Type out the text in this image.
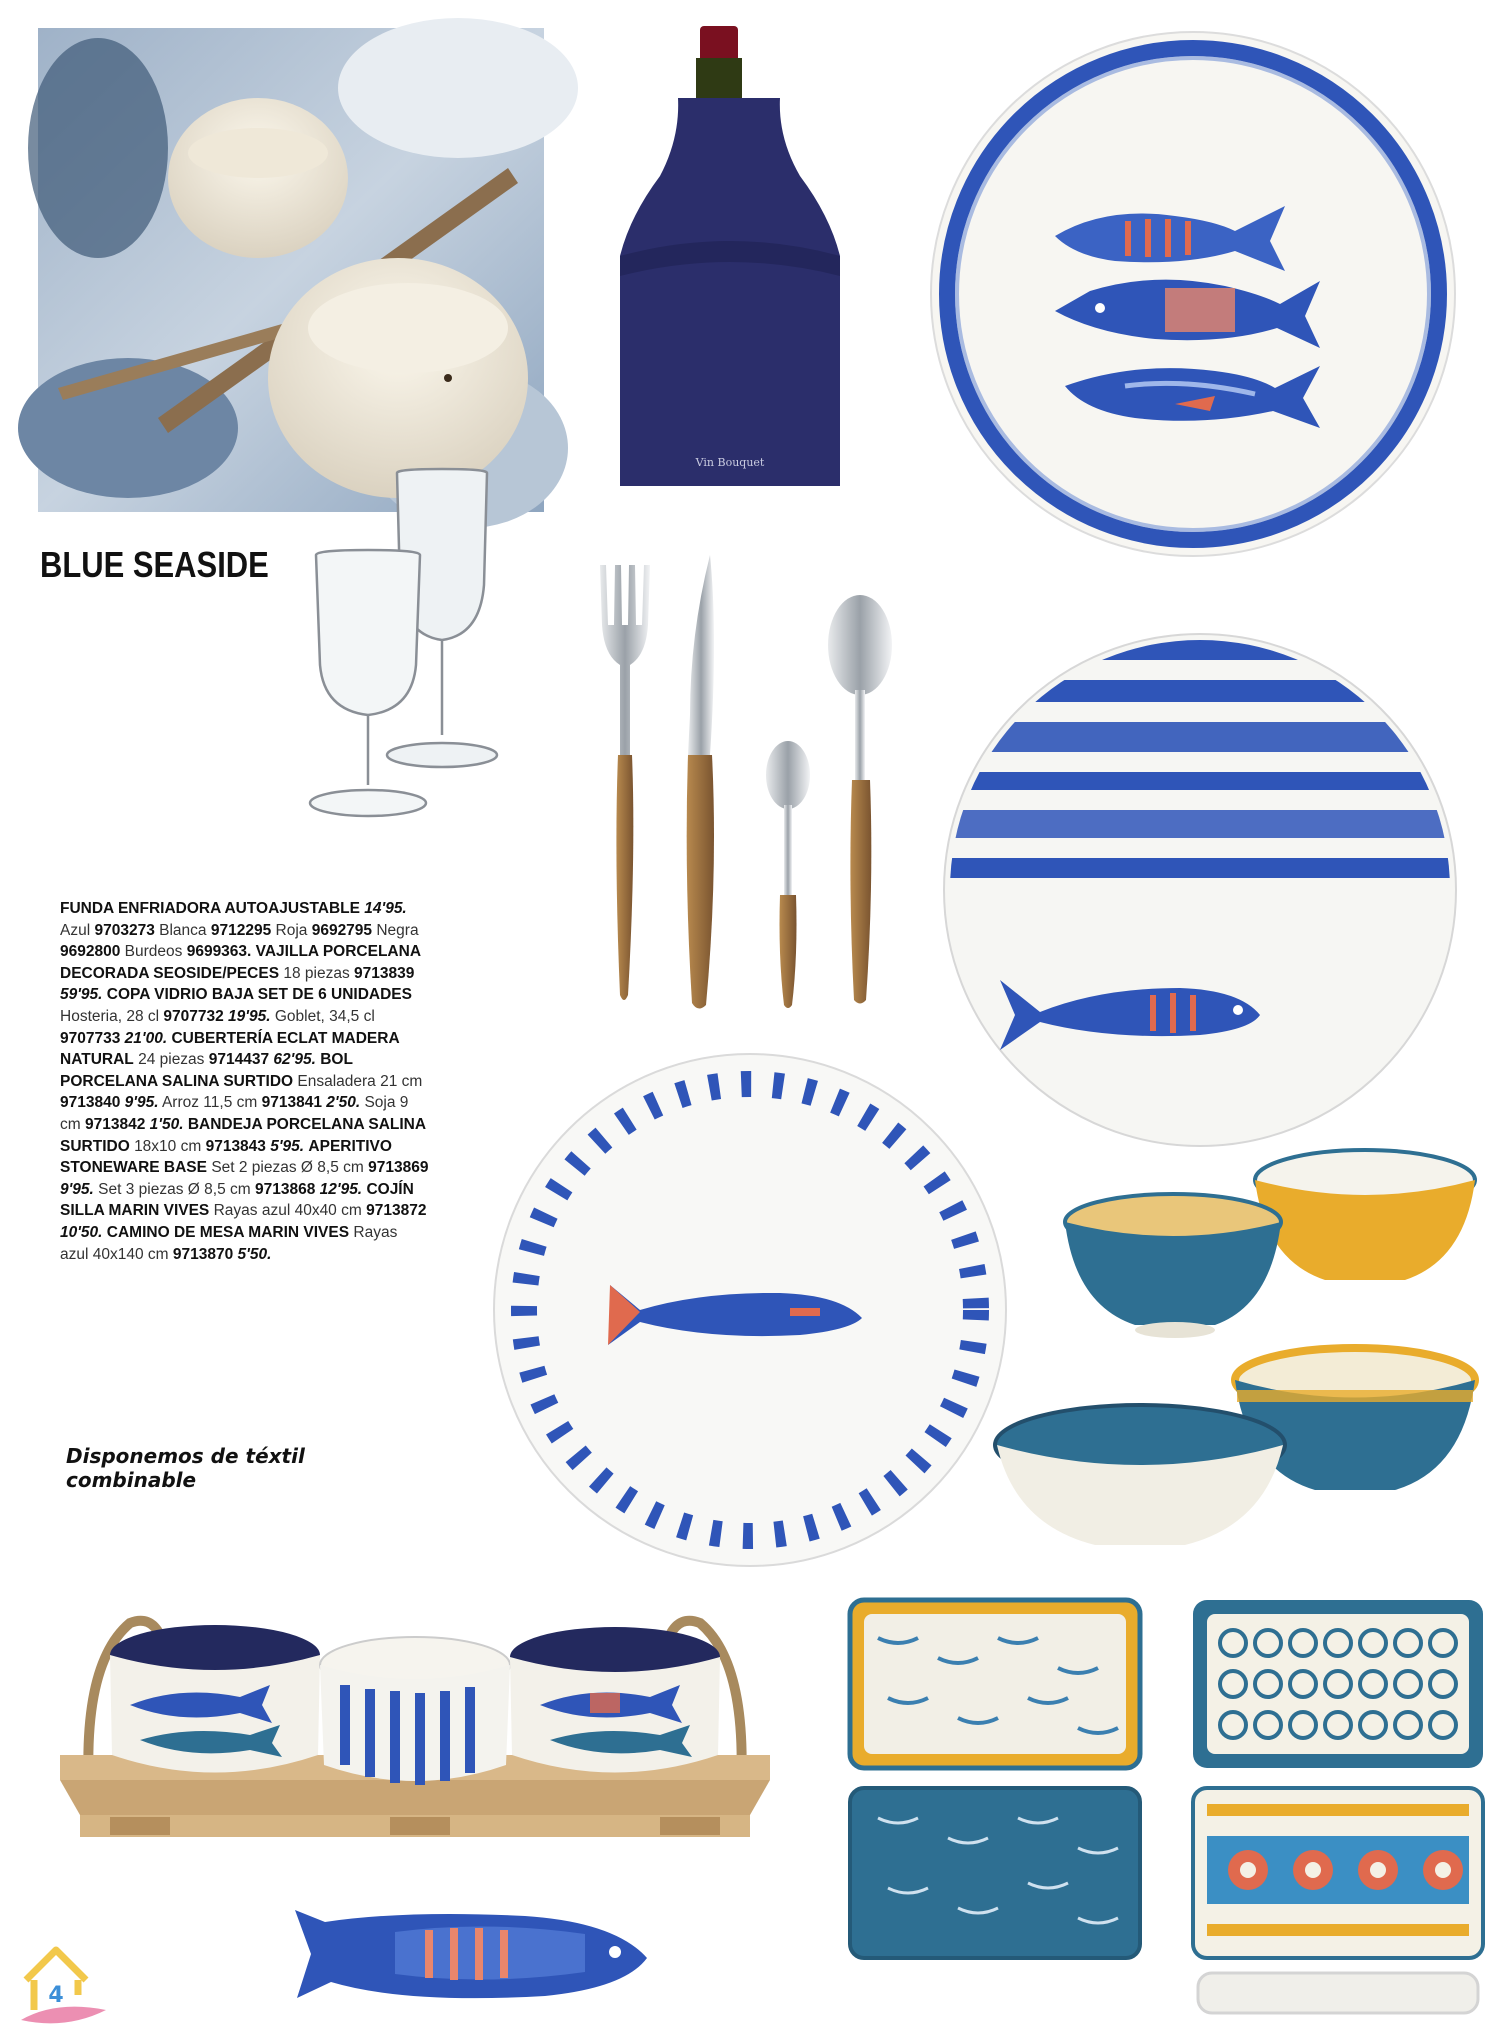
Vin Bouquet
BLUE SEASIDE
FUNDA ENFRIADORA AUTOAJUSTABLE 14'95. Azul 9703273 Blanca 9712295 Roja 9692795 Negra 9692800 Burdeos 9699363. VAJILLA PORCELANA DECORADA SEOSIDE/PECES 18 piezas 9713839 59'95. COPA VIDRIO BAJA SET DE 6 UNIDADES Hosteria, 28 cl 9707732 19'95. Goblet, 34,5 cl 9707733 21'00. CUBERTERÍA ECLAT MADERA NATURAL 24 piezas 9714437 62'95. BOL PORCELANA SALINA SURTIDO Ensaladera 21 cm 9713840 9'95. Arroz 11,5 cm 9713841 2'50. Soja 9 cm 9713842 1'50. BANDEJA PORCELANA SALINA SURTIDO 18x10 cm 9713843 5'95. APERITIVO STONEWARE BASE Set 2 piezas Ø 8,5 cm 9713869 9'95. Set 3 piezas Ø 8,5 cm 9713868 12'95. COJÍN SILLA MARIN VIVES Rayas azul 40x40 cm 9713872 10'50. CAMINO DE MESA MARIN VIVES Rayas azul 40x140 cm 9713870 5'50.
Disponemos de téxtil
combinable
4
